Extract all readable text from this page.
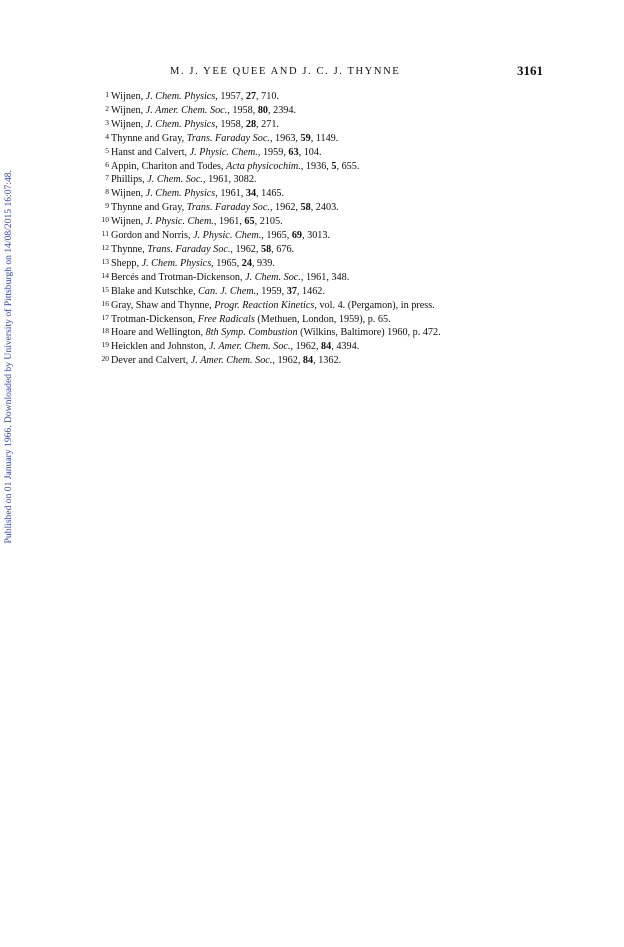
Published on 01 January 1966. Downloaded by University of Pittsburgh on 14/08/2015 16:07:48.
M. J. YEE QUEE AND J. C. J. THYNNE	3161
1 Wijnen, J. Chem. Physics, 1957, 27, 710.
2 Wijnen, J. Amer. Chem. Soc., 1958, 80, 2394.
3 Wijnen, J. Chem. Physics, 1958, 28, 271.
4 Thynne and Gray, Trans. Faraday Soc., 1963, 59, 1149.
5 Hanst and Calvert, J. Physic. Chem., 1959, 63, 104.
6 Appin, Chariton and Todes, Acta physicochim., 1936, 5, 655.
7 Phillips, J. Chem. Soc., 1961, 3082.
8 Wijnen, J. Chem. Physics, 1961, 34, 1465.
9 Thynne and Gray, Trans. Faraday Soc., 1962, 58, 2403.
10 Wijnen, J. Physic. Chem., 1961, 65, 2105.
11 Gordon and Norris, J. Physic. Chem., 1965, 69, 3013.
12 Thynne, Trans. Faraday Soc., 1962, 58, 676.
13 Shepp, J. Chem. Physics, 1965, 24, 939.
14 Bercés and Trotman-Dickenson, J. Chem. Soc., 1961, 348.
15 Blake and Kutschke, Can. J. Chem., 1959, 37, 1462.
16 Gray, Shaw and Thynne, Progr. Reaction Kinetics, vol. 4. (Pergamon), in press.
17 Trotman-Dickenson, Free Radicals (Methuen, London, 1959), p. 65.
18 Hoare and Wellington, 8th Symp. Combustion (Wilkins, Baltimore) 1960, p. 472.
19 Heicklen and Johnston, J. Amer. Chem. Soc., 1962, 84, 4394.
20 Dever and Calvert, J. Amer. Chem. Soc., 1962, 84, 1362.
